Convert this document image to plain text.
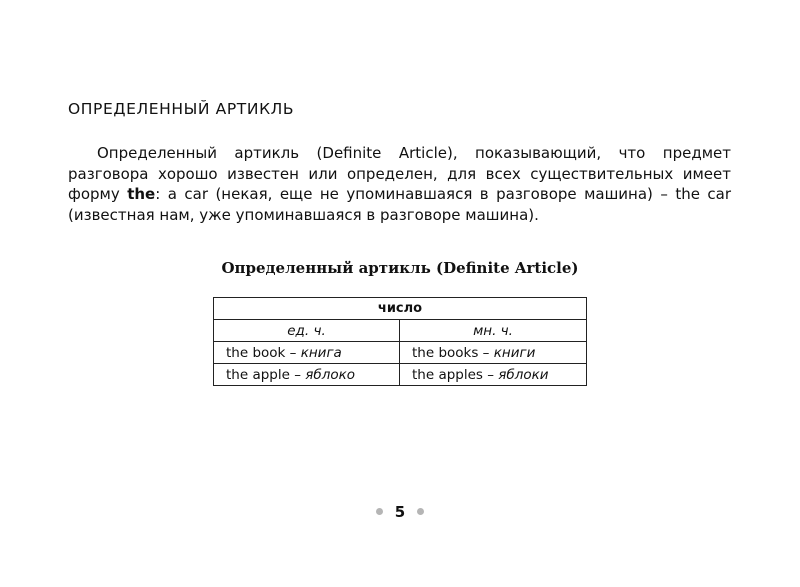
ОПРЕДЕЛЕННЫЙ АРТИКЛЬ

Определенный артикль (Definite Article), показывающий, что предмет разговора хорошо известен или определен, для всех существительных имеет форму the: a car (некая, еще не упоминавшаяся в разговоре машина) – the car (известная нам, уже упоминавшаяся в разговоре машина).

Определенный артикль (Definite Article)
число	
ед. ч.	мн. ч.
the book – книга	the books – книги
the apple – яблоко	the apples – яблоки
5
